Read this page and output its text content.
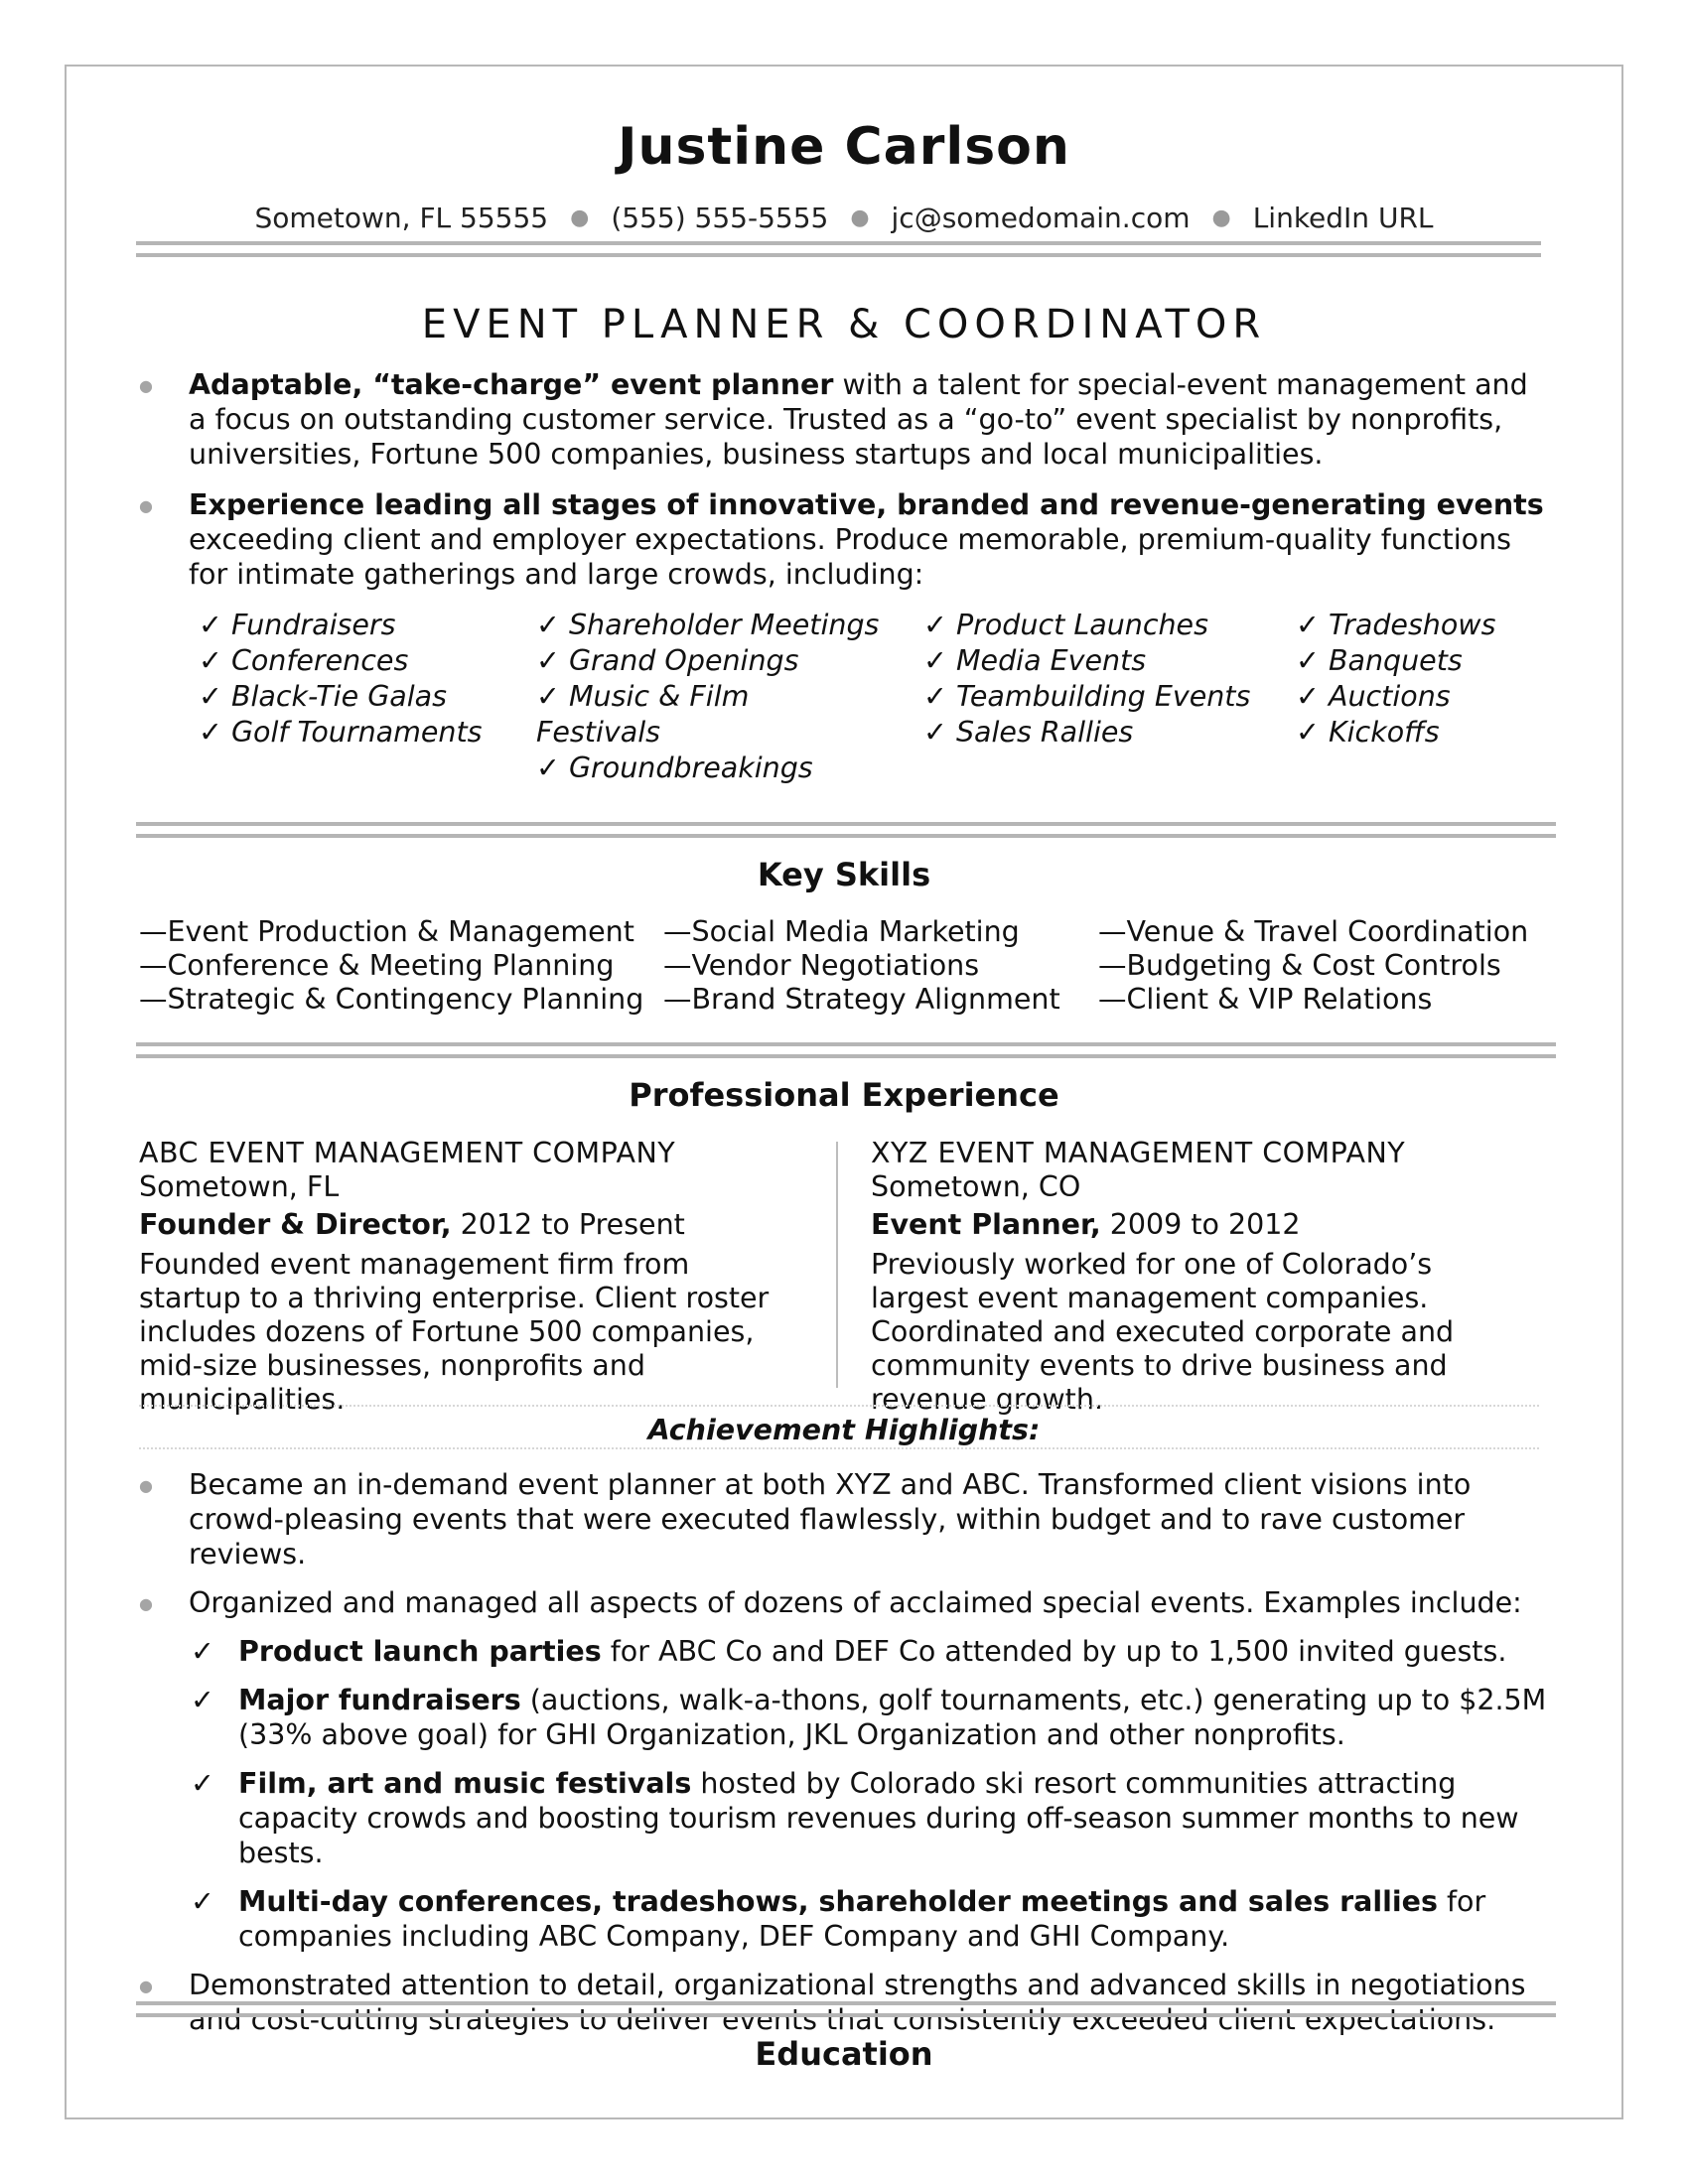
Justine Carlson
Sometown, FL 55555 ● (555) 555-5555 ● jc@somedomain.com ● LinkedIn URL
EVENT PLANNER & COORDINATOR
● Adaptable, “take-charge” event planner with a talent for special-event management and a focus on outstanding customer service. Trusted as a “go-to” event specialist by nonprofits, universities, Fortune 500 companies, business startups and local municipalities.
● Experience leading all stages of innovative, branded and revenue-generating events exceeding client and employer expectations. Produce memorable, premium-quality functions for intimate gatherings and large crowds, including:
✓ Fundraisers
✓ Conferences
✓ Black-Tie Galas
✓ Golf Tournaments
✓ Shareholder Meetings
✓ Grand Openings
✓ Music & Film Festivals
✓ Groundbreakings
✓ Product Launches
✓ Media Events
✓ Teambuilding Events
✓ Sales Rallies
✓ Tradeshows
✓ Banquets
✓ Auctions
✓ Kickoffs
Key Skills
— Event Production & Management
— Conference & Meeting Planning
— Strategic & Contingency Planning
— Social Media Marketing
— Vendor Negotiations
— Brand Strategy Alignment
— Venue & Travel Coordination
— Budgeting & Cost Controls
— Client & VIP Relations
Professional Experience
ABC EVENT MANAGEMENT COMPANY
Sometown, FL
Founder & Director, 2012 to Present
Founded event management firm from startup to a thriving enterprise. Client roster includes dozens of Fortune 500 companies, mid-size businesses, nonprofits and municipalities.
XYZ EVENT MANAGEMENT COMPANY
Sometown, CO
Event Planner, 2009 to 2012
Previously worked for one of Colorado’s largest event management companies. Coordinated and executed corporate and community events to drive business and revenue growth.
Achievement Highlights:
● Became an in-demand event planner at both XYZ and ABC. Transformed client visions into crowd-pleasing events that were executed flawlessly, within budget and to rave customer reviews.
● Organized and managed all aspects of dozens of acclaimed special events. Examples include:
✓ Product launch parties for ABC Co and DEF Co attended by up to 1,500 invited guests.
✓ Major fundraisers (auctions, walk-a-thons, golf tournaments, etc.) generating up to $2.5M (33% above goal) for GHI Organization, JKL Organization and other nonprofits.
✓ Film, art and music festivals hosted by Colorado ski resort communities attracting capacity crowds and boosting tourism revenues during off-season summer months to new bests.
✓ Multi-day conferences, tradeshows, shareholder meetings and sales rallies for companies including ABC Company, DEF Company and GHI Company.
● Demonstrated attention to detail, organizational strengths and advanced skills in negotiations and cost-cutting strategies to deliver events that consistently exceeded client expectations.
Education
